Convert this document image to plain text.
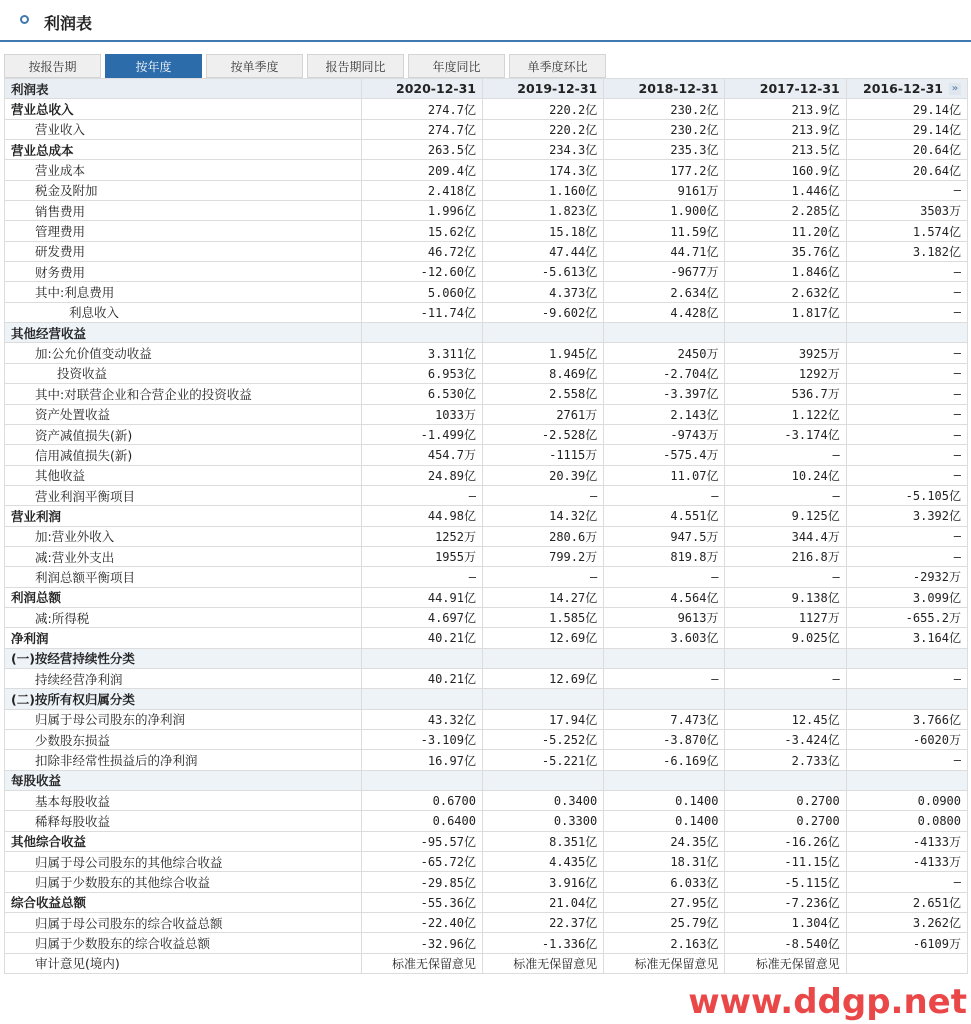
利润表
按报告期	按年度	按单季度	报告期同比	年度同比	单季度环比
利润表	2020-12-31	2019-12-31	2018-12-31	2017-12-31	2016-12-31 »

营业总收入	274.7亿	220.2亿	230.2亿	213.9亿	29.14亿
营业收入	274.7亿	220.2亿	230.2亿	213.9亿	29.14亿
营业总成本	263.5亿	234.3亿	235.3亿	213.5亿	20.64亿
营业成本	209.4亿	174.3亿	177.2亿	160.9亿	20.64亿
税金及附加	2.418亿	1.160亿	9161万	1.446亿	—
销售费用	1.996亿	1.823亿	1.900亿	2.285亿	3503万
管理费用	15.62亿	15.18亿	11.59亿	11.20亿	1.574亿
研发费用	46.72亿	47.44亿	44.71亿	35.76亿	3.182亿
财务费用	-12.60亿	-5.613亿	-9677万	1.846亿	—
其中:利息费用	5.060亿	4.373亿	2.634亿	2.632亿	—
利息收入	-11.74亿	-9.602亿	4.428亿	1.817亿	—
其他经营收益					
加:公允价值变动收益	3.311亿	1.945亿	2450万	3925万	—
投资收益	6.953亿	8.469亿	-2.704亿	1292万	—
其中:对联营企业和合营企业的投资收益	6.530亿	2.558亿	-3.397亿	536.7万	—
资产处置收益	1033万	2761万	2.143亿	1.122亿	—
资产减值损失(新)	-1.499亿	-2.528亿	-9743万	-3.174亿	—
信用减值损失(新)	454.7万	-1115万	-575.4万	—	—
其他收益	24.89亿	20.39亿	11.07亿	10.24亿	—
营业利润平衡项目	—	—	—	—	-5.105亿
营业利润	44.98亿	14.32亿	4.551亿	9.125亿	3.392亿
加:营业外收入	1252万	280.6万	947.5万	344.4万	—
减:营业外支出	1955万	799.2万	819.8万	216.8万	—
利润总额平衡项目	—	—	—	—	-2932万
利润总额	44.91亿	14.27亿	4.564亿	9.138亿	3.099亿
减:所得税	4.697亿	1.585亿	9613万	1127万	-655.2万
净利润	40.21亿	12.69亿	3.603亿	9.025亿	3.164亿
(一)按经营持续性分类					
持续经营净利润	40.21亿	12.69亿	—	—	—
(二)按所有权归属分类					
归属于母公司股东的净利润	43.32亿	17.94亿	7.473亿	12.45亿	3.766亿
少数股东损益	-3.109亿	-5.252亿	-3.870亿	-3.424亿	-6020万
扣除非经常性损益后的净利润	16.97亿	-5.221亿	-6.169亿	2.733亿	—
每股收益					
基本每股收益	0.6700	0.3400	0.1400	0.2700	0.0900
稀释每股收益	0.6400	0.3300	0.1400	0.2700	0.0800
其他综合收益	-95.57亿	8.351亿	24.35亿	-16.26亿	-4133万
归属于母公司股东的其他综合收益	-65.72亿	4.435亿	18.31亿	-11.15亿	-4133万
归属于少数股东的其他综合收益	-29.85亿	3.916亿	6.033亿	-5.115亿	—
综合收益总额	-55.36亿	21.04亿	27.95亿	-7.236亿	2.651亿
归属于母公司股东的综合收益总额	-22.40亿	22.37亿	25.79亿	1.304亿	3.262亿
归属于少数股东的综合收益总额	-32.96亿	-1.336亿	2.163亿	-8.540亿	-6109万
审计意见(境内)	标准无保留意见	标准无保留意见	标准无保留意见	标准无保留意见	
www.ddgp.net
